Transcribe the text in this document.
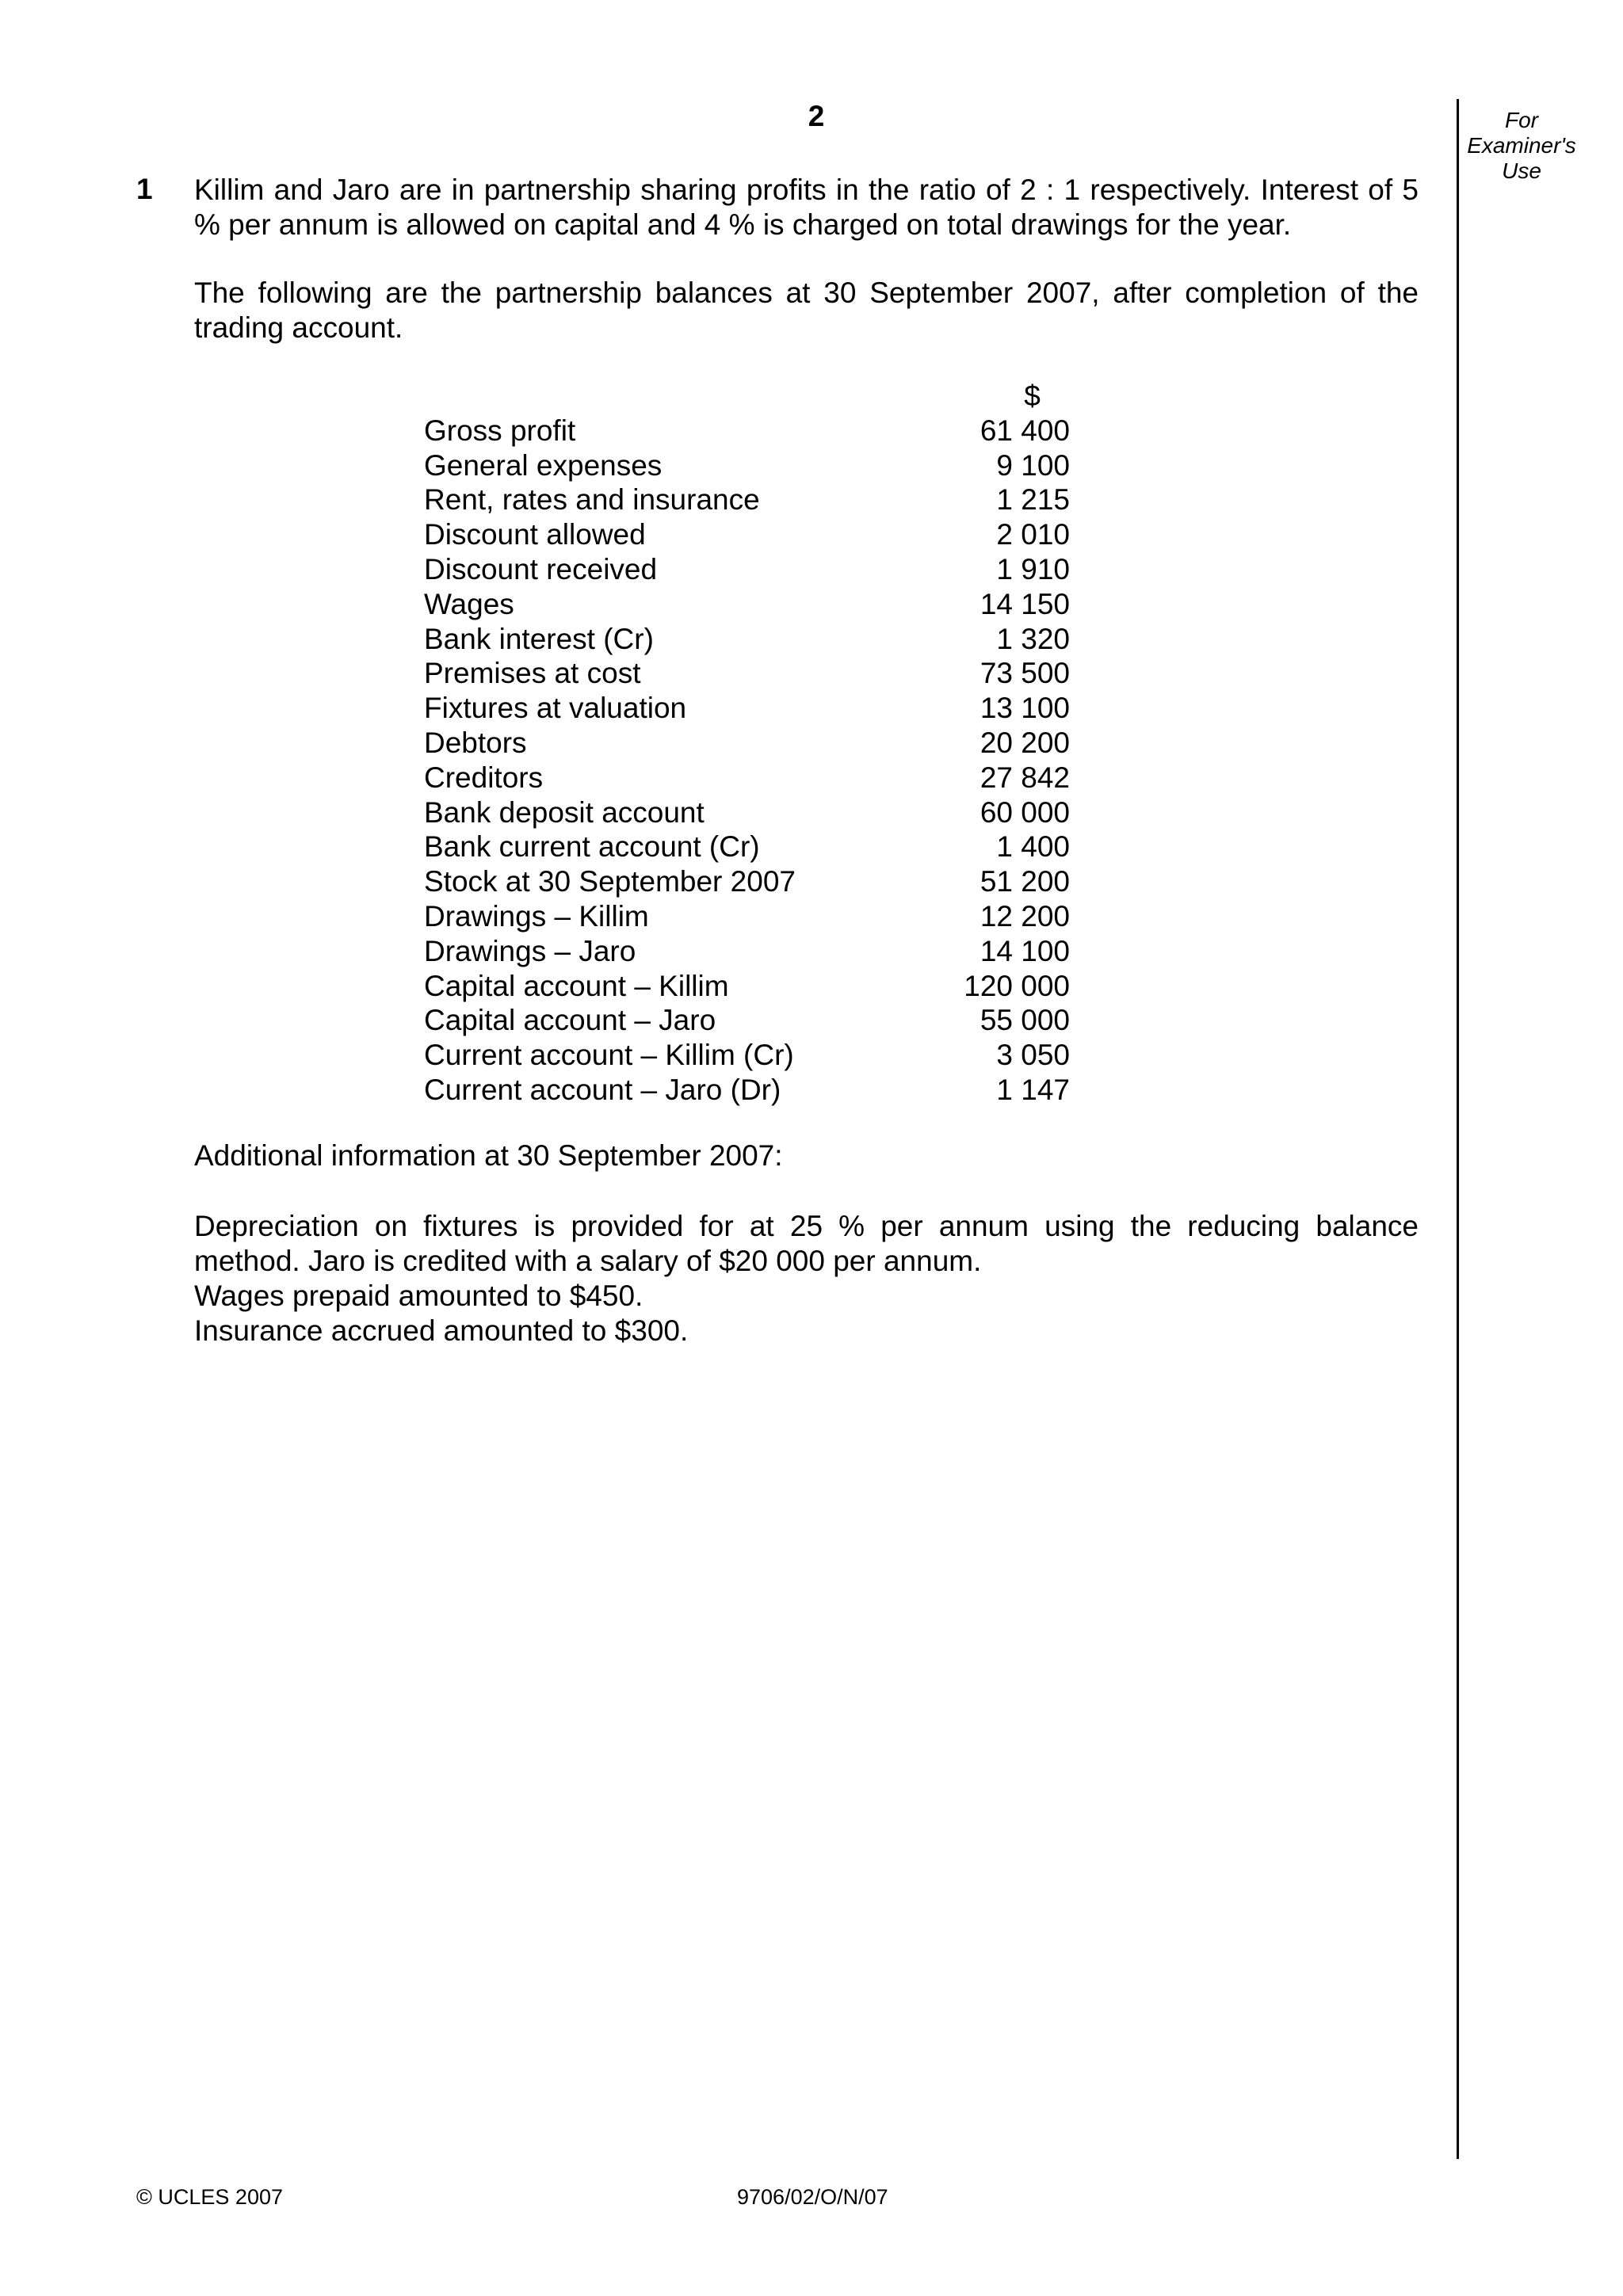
2	For
Examiner's
Use
1 Killim and Jaro are in partnership sharing profits in the ratio of 2 : 1 respectively. Interest of 5 % per annum is allowed on capital and 4 % is charged on total drawings for the year.
The following are the partnership balances at 30 September 2007, after completion of the trading account.
$
Gross profit	61 400
General expenses	9 100
Rent, rates and insurance	1 215
Discount allowed	2 010
Discount received	1 910
Wages	14 150
Bank interest (Cr)	1 320
Premises at cost	73 500
Fixtures at valuation	13 100
Debtors	20 200
Creditors	27 842
Bank deposit account	60 000
Bank current account (Cr)	1 400
Stock at 30 September 2007	51 200
Drawings – Killim	12 200
Drawings – Jaro	14 100
Capital account – Killim	120 000
Capital account – Jaro	55 000
Current account – Killim (Cr)	3 050
Current account – Jaro (Dr)	1 147
Additional information at 30 September 2007:
Depreciation on fixtures is provided for at 25 % per annum using the reducing balance method. Jaro is credited with a salary of $20 000 per annum.
Wages prepaid amounted to $450.
Insurance accrued amounted to $300.
© UCLES 2007	9706/02/O/N/07
